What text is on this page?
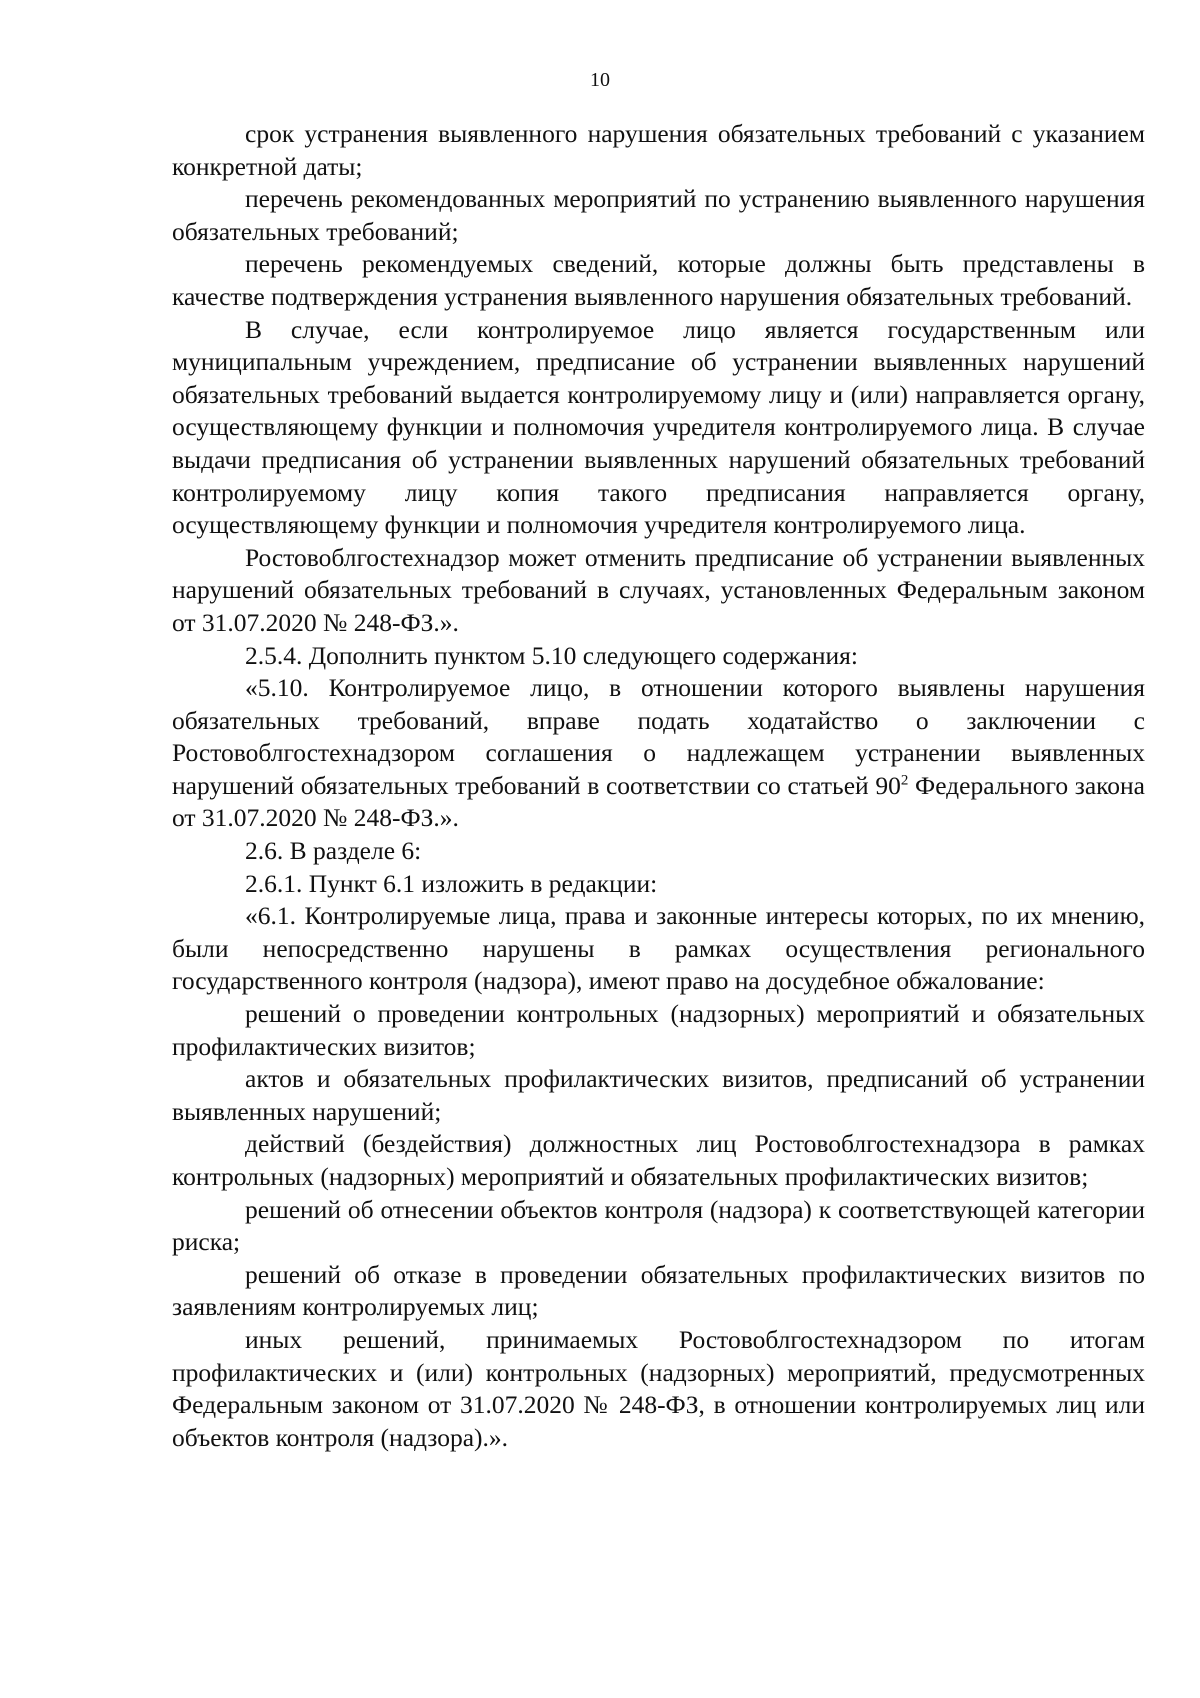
10

срок устранения выявленного нарушения обязательных требований с указанием конкретной даты;

перечень рекомендованных мероприятий по устранению выявленного нарушения обязательных требований;

перечень рекомендуемых сведений, которые должны быть представлены в качестве подтверждения устранения выявленного нарушения обязательных требований.

В случае, если контролируемое лицо является государственным или муниципальным учреждением, предписание об устранении выявленных нарушений обязательных требований выдается контролируемому лицу и (или) направляется органу, осуществляющему функции и полномочия учредителя контролируемого лица. В случае выдачи предписания об устранении выявленных нарушений обязательных требований контролируемому лицу копия такого предписания направляется органу, осуществляющему функции и полномочия учредителя контролируемого лица.

Ростовоблгостехнадзор может отменить предписание об устранении выявленных нарушений обязательных требований в случаях, установленных Федеральным законом от 31.07.2020 № 248-ФЗ.».

2.5.4. Дополнить пунктом 5.10 следующего содержания:

«5.10. Контролируемое лицо, в отношении которого выявлены нарушения обязательных требований, вправе подать ходатайство о заключении с Ростовоблгостехнадзором соглашения о надлежащем устранении выявленных нарушений обязательных требований в соответствии со статьей $90^2$ Федерального закона от 31.07.2020 № 248-ФЗ.».

2.6. В разделе 6:

2.6.1. Пункт 6.1 изложить в редакции:

«6.1. Контролируемые лица, права и законные интересы которых, по их мнению, были непосредственно нарушены в рамках осуществления регионального государственного контроля (надзора), имеют право на досудебное обжалование:

решений о проведении контрольных (надзорных) мероприятий и обязательных профилактических визитов;

актов и обязательных профилактических визитов, предписаний об устранении выявленных нарушений;

действий (бездействия) должностных лиц Ростовоблгостехнадзора в рамках контрольных (надзорных) мероприятий и обязательных профилактических визитов;

решений об отнесении объектов контроля (надзора) к соответствующей категории риска;

решений об отказе в проведении обязательных профилактических визитов по заявлениям контролируемых лиц;

иных решений, принимаемых Ростовоблгостехнадзором по итогам профилактических и (или) контрольных (надзорных) мероприятий, предусмотренных Федеральным законом от 31.07.2020 № 248-ФЗ, в отношении контролируемых лиц или объектов контроля (надзора).».
